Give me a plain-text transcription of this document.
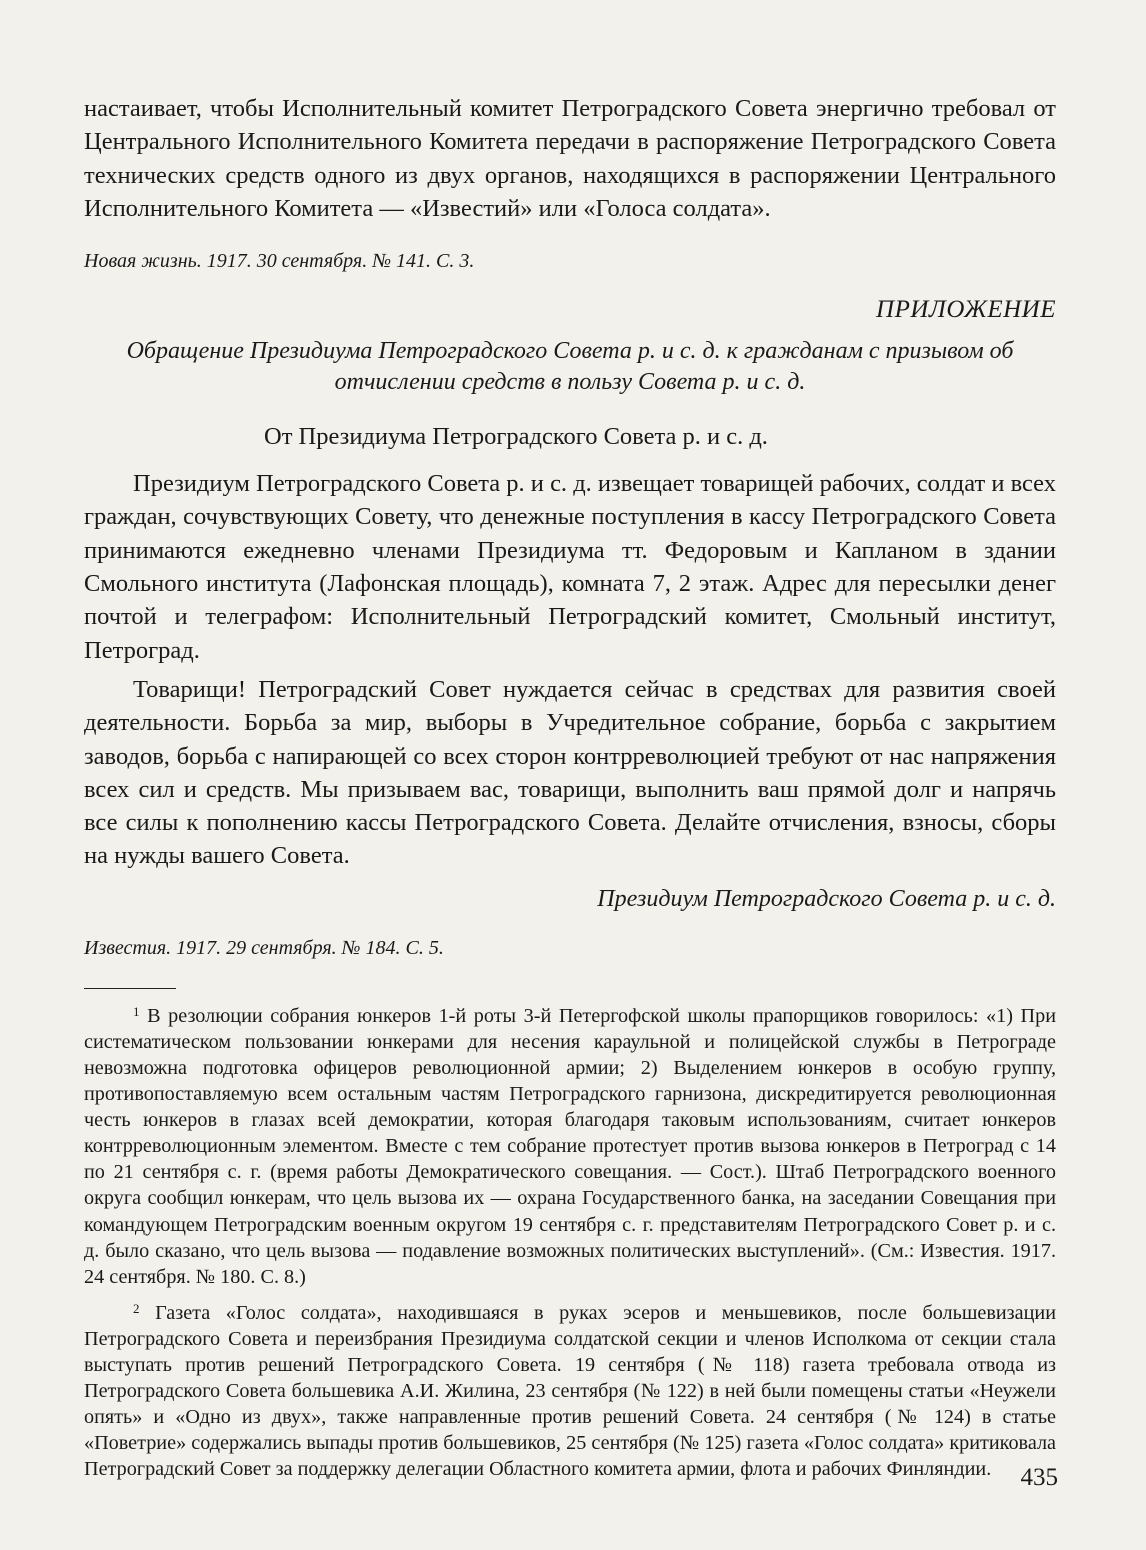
настаивает, чтобы Исполнительный комитет Петроградского Совета энергично требовал от Центрального Исполнительного Комитета передачи в распоряжение Петроградского Совета технических средств одного из двух органов, находящихся в распоряжении Центрального Исполнительного Комитета — «Известий» или «Голоса солдата».

Новая жизнь. 1917. 30 сентября. № 141. С. 3.

ПРИЛОЖЕНИЕ

Обращение Президиума Петроградского Совета р. и с. д. к гражданам с призывом об отчислении средств в пользу Совета р. и с. д.

От Президиума Петроградского Совета р. и с. д.

Президиум Петроградского Совета р. и с. д. извещает товарищей рабочих, солдат и всех граждан, сочувствующих Совету, что денежные поступления в кассу Петроградского Совета принимаются ежедневно членами Президиума тт. Федоровым и Капланом в здании Смольного института (Лафонская площадь), комната 7, 2 этаж. Адрес для пересылки денег почтой и телеграфом: Исполнительный Петроградский комитет, Смольный институт, Петроград.

Товарищи! Петроградский Совет нуждается сейчас в средствах для развития своей деятельности. Борьба за мир, выборы в Учредительное собрание, борьба с закрытием заводов, борьба с напирающей со всех сторон контрреволюцией требуют от нас напряжения всех сил и средств. Мы призываем вас, товарищи, выполнить ваш прямой долг и напрячь все силы к пополнению кассы Петроградского Совета. Делайте отчисления, взносы, сборы на нужды вашего Совета.

Президиум Петроградского Совета р. и с. д.

Известия. 1917. 29 сентября. № 184. С. 5.

$^1$ В резолюции собрания юнкеров 1-й роты 3-й Петергофской школы прапорщиков говорилось: «1) При систематическом пользовании юнкерами для несения караульной и полицейской службы в Петрограде невозможна подготовка офицеров революционной армии; 2) Выделением юнкеров в особую группу, противопоставляемую всем остальным частям Петроградского гарнизона, дискредитируется революционная честь юнкеров в глазах всей демократии, которая благодаря таковым использованиям, считает юнкеров контрреволюционным элементом. Вместе с тем собрание протестует против вызова юнкеров в Петроград с 14 по 21 сентября с. г. (время работы Демократического совещания. — Сост.). Штаб Петроградского военного округа сообщил юнкерам, что цель вызова их — охрана Государственного банка, на заседании Совещания при командующем Петроградским военным округом 19 сентября с. г. представителям Петроградского Совет р. и с. д. было сказано, что цель вызова — подавление возможных политических выступлений». (См.: Известия. 1917. 24 сентября. № 180. С. 8.)

$^2$ Газета «Голос солдата», находившаяся в руках эсеров и меньшевиков, после большевизации Петроградского Совета и переизбрания Президиума солдатской секции и членов Исполкома от секции стала выступать против решений Петроградского Совета. 19 сентября (№ 118) газета требовала отвода из Петроградского Совета большевика А.И. Жилина, 23 сентября (№ 122) в ней были помещены статьи «Неужели опять» и «Одно из двух», также направленные против решений Совета. 24 сентября (№ 124) в статье «Поветрие» содержались выпады против большевиков, 25 сентября (№ 125) газета «Голос солдата» критиковала Петроградский Совет за поддержку делегации Областного комитета армии, флота и рабочих Финляндии.	435
